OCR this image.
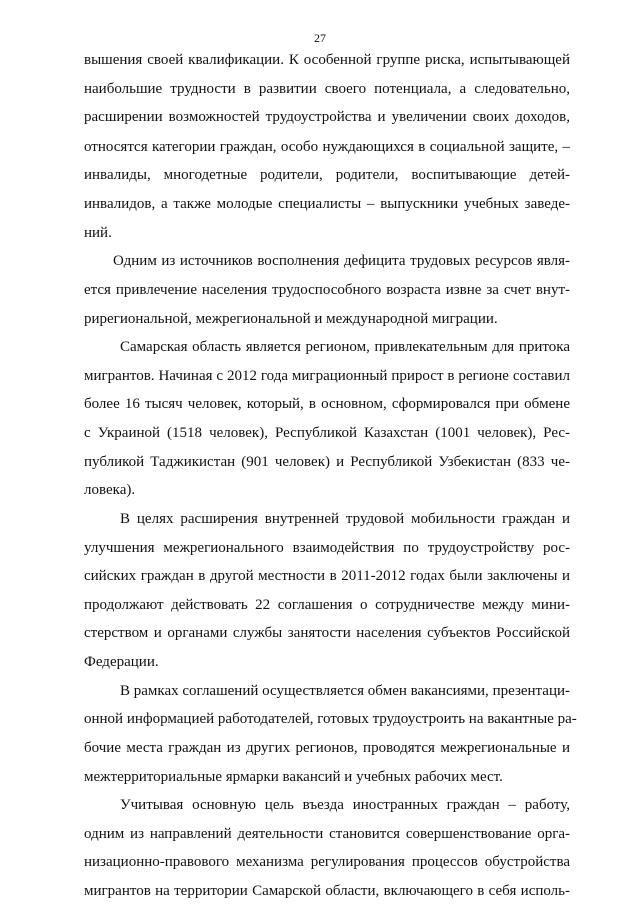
27
вышения своей квалификации. К особенной группе риска, испытывающей
наибольшие трудности в развитии своего потенциала, а следовательно,
расширении возможностей трудоустройства и увеличении своих доходов,
относятся категории граждан, особо нуждающихся в социальной защите, –
инвалиды, многодетные родители, родители, воспитывающие детей-
инвалидов, а также молодые специалисты – выпускники учебных заведе-
ний.
Одним из источников восполнения дефицита трудовых ресурсов явля-
ется привлечение населения трудоспособного возраста извне за счет внут-
рирегиональной, межрегиональной и международной миграции.
Самарская область является регионом, привлекательным для притока
мигрантов. Начиная с 2012 года миграционный прирост в регионе составил
более 16 тысяч человек, который, в основном, сформировался при обмене
с Украиной (1518 человек), Республикой Казахстан (1001 человек), Рес-
публикой Таджикистан (901 человек) и Республикой Узбекистан (833 че-
ловека).
В целях расширения внутренней трудовой мобильности граждан и
улучшения межрегионального взаимодействия по трудоустройству рос-
сийских граждан в другой местности в 2011-2012 годах были заключены и
продолжают действовать 22 соглашения о сотрудничестве между мини-
стерством и органами службы занятости населения субъектов Российской
Федерации.
В рамках соглашений осуществляется обмен вакансиями, презентаци-
онной информацией работодателей, готовых трудоустроить на вакантные ра-
бочие места граждан из других регионов, проводятся межрегиональные и
межтерриториальные ярмарки вакансий и учебных рабочих мест.
Учитывая основную цель въезда иностранных граждан – работу,
одним из направлений деятельности становится совершенствование орга-
низационно-правового механизма регулирования процессов обустройства
мигрантов на территории Самарской области, включающего в себя исполь-
